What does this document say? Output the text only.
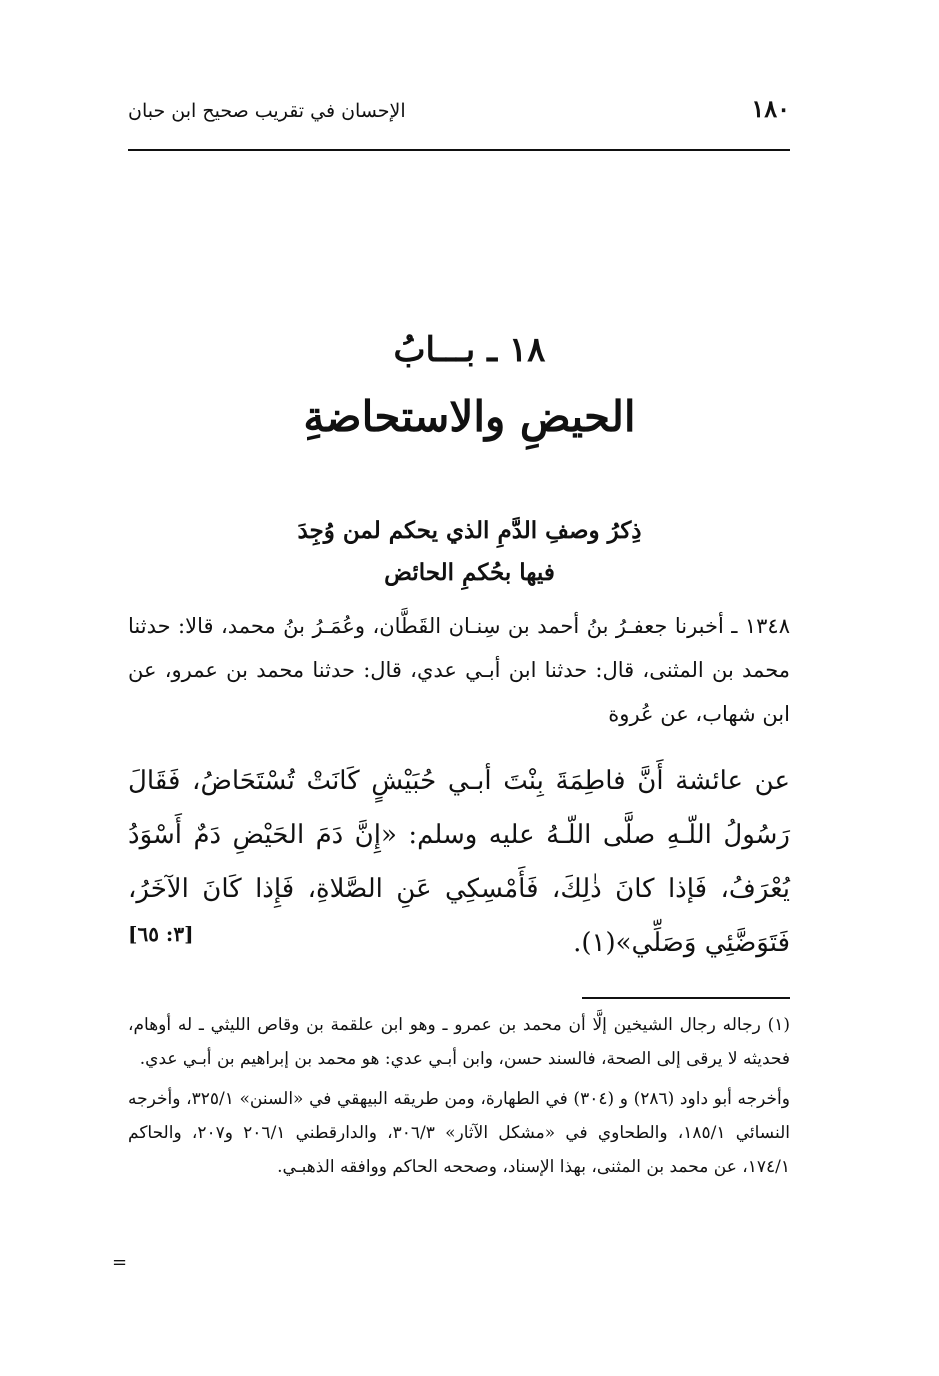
١٨٠
الإحسان في تقريب صحيح ابن حبان
١٨ ـ بـــابُ
الحيضِ والاستحاضةِ
ذِكرُ وصفِ الدَّمِ الذي يحكم لمن وُجِدَ
فيها بحُكمِ الحائض
١٣٤٨ ـ أخبرنا جعفـرُ بنُ أحمد بن سِنـان القَطَّان، وعُمَـرُ بنُ محمد، قالا: حدثنا محمد بن المثنى، قال: حدثنا ابن أبـي عدي، قال: حدثنا محمد بن عمرو، عن ابن شهاب، عن عُروة
عن عائشة أَنَّ فاطِمَةَ بِنْتَ أبـي حُبَيْشٍ كَانَتْ تُسْتَحَاضُ، فَقَالَ رَسُولُ اللّـهِ صلَّى اللّـهُ عليه وسلم: «إِنَّ دَمَ الحَيْضِ دَمٌ أَسْوَدُ يُعْرَفُ، فَإذا كانَ ذٰلِكَ، فَأَمْسِكِي عَنِ الصَّلاةِ، فَإِذا كَانَ الآخَرُ، فَتَوَضَّئِي وَصَلِّي»(١).
[٣: ٦٥]

(١) رجاله رجال الشيخين إلَّا أن محمد بن عمرو ـ وهو ابن علقمة بن وقاص الليثي ـ له أوهام، فحديثه لا يرقى إلى الصحة، فالسند حسن، وابن أبـي عدي: هو محمد بن إبراهيم بن أبـي عدي.

وأخرجه أبو داود (٢٨٦) و (٣٠٤) في الطهارة، ومن طريقه البيهقي في «السنن» ٣٢٥/١، وأخرجه النسائي ١٨٥/١، والطحاوي في «مشكل الآثار» ٣٠٦/٣، والدارقطني ٢٠٦/١ و٢٠٧، والحاكم ١٧٤/١، عن محمد بن المثنى، بهذا الإسناد، وصححه الحاكم ووافقه الذهبـي.

=
